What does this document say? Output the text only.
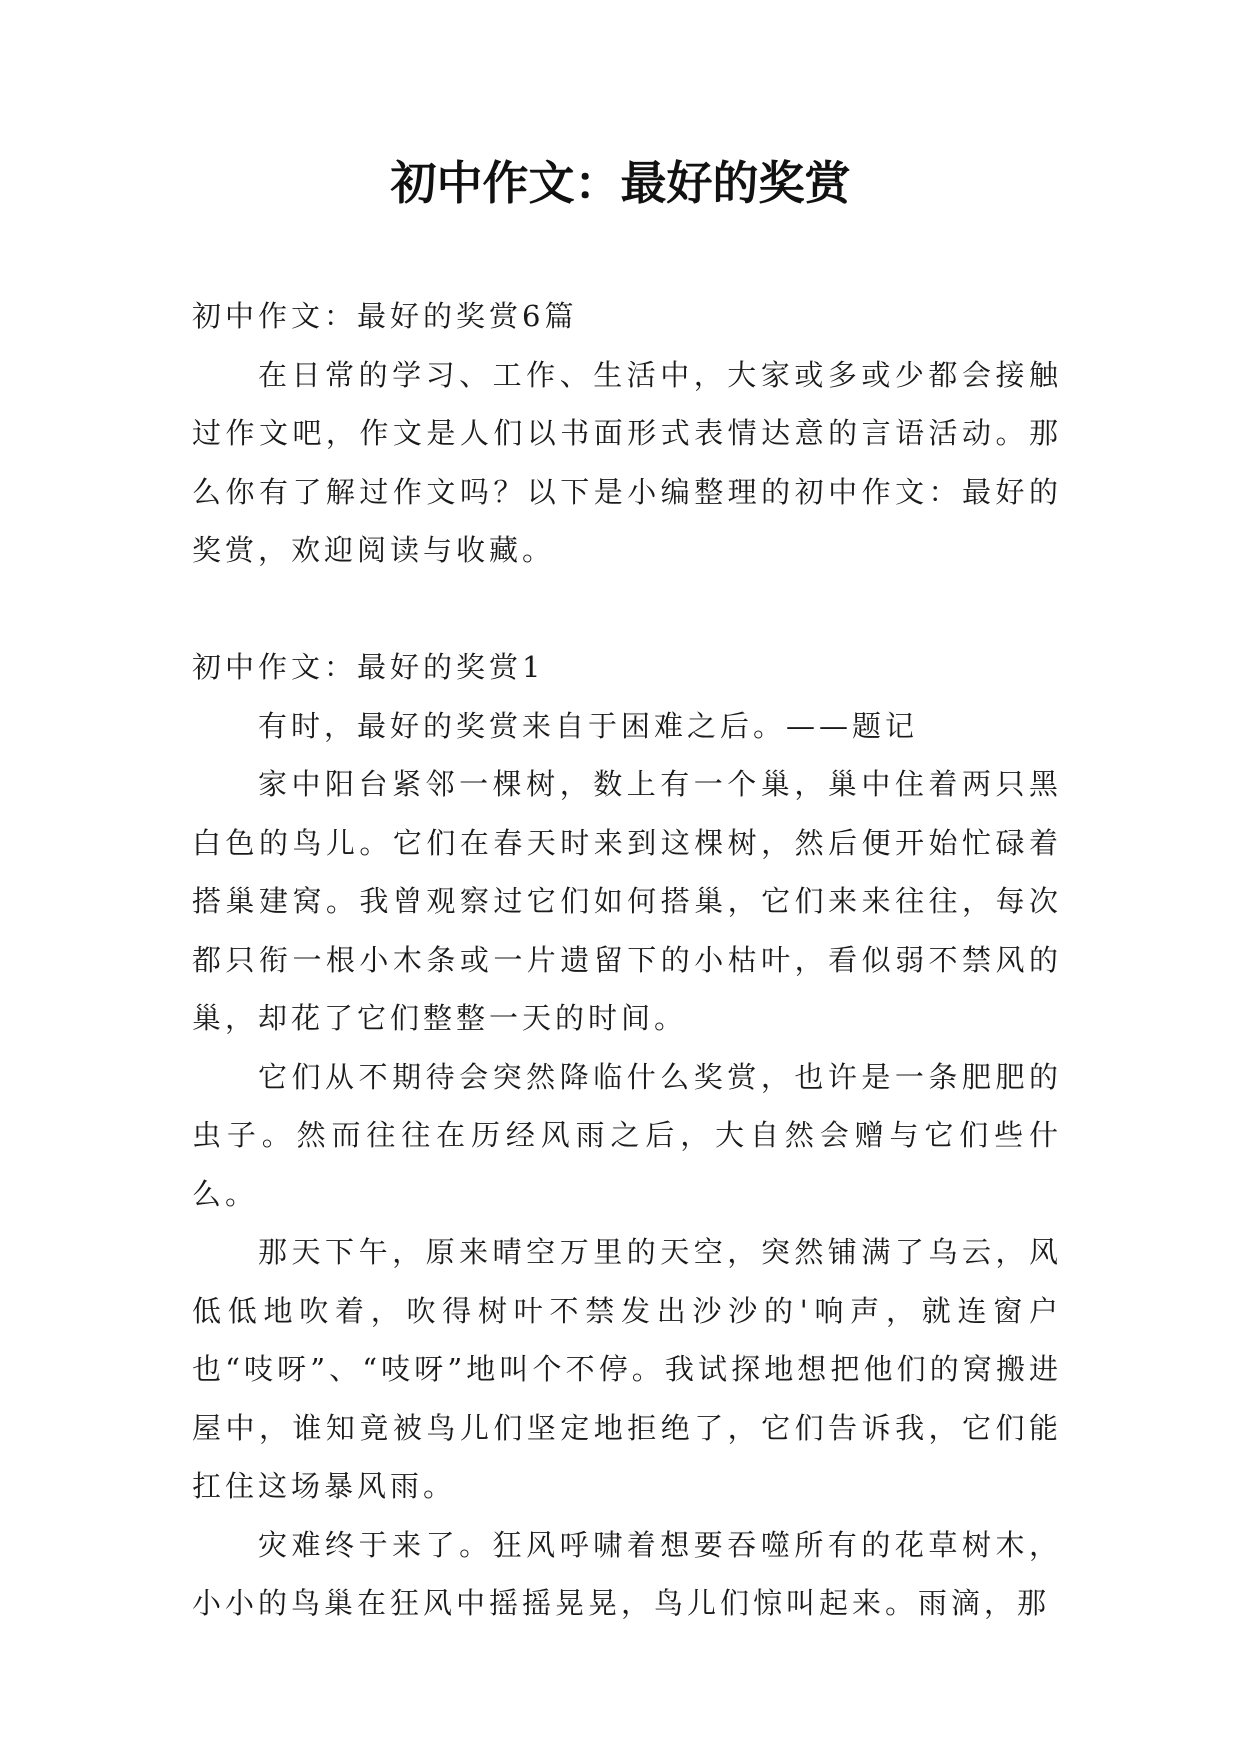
初中作文：最好的奖赏

初中作文：最好的奖赏6篇

在日常的学习、工作、生活中，大家或多或少都会接触过作文吧，作文是人们以书面形式表情达意的言语活动。那么你有了解过作文吗？以下是小编整理的初中作文：最好的奖赏，欢迎阅读与收藏。

初中作文：最好的奖赏1

有时，最好的奖赏来自于困难之后。——题记

家中阳台紧邻一棵树，数上有一个巢，巢中住着两只黑白色的鸟儿。它们在春天时来到这棵树，然后便开始忙碌着搭巢建窝。我曾观察过它们如何搭巢，它们来来往往，每次都只衔一根小木条或一片遗留下的小枯叶，看似弱不禁风的巢，却花了它们整整一天的时间。

它们从不期待会突然降临什么奖赏，也许是一条肥肥的虫子。然而往往在历经风雨之后，大自然会赠与它们些什么。

那天下午，原来晴空万里的天空，突然铺满了乌云，风低低地吹着，吹得树叶不禁发出沙沙的'响声，就连窗户也“吱呀”、“吱呀”地叫个不停。我试探地想把他们的窝搬进屋中，谁知竟被鸟儿们坚定地拒绝了，它们告诉我，它们能扛住这场暴风雨。

灾难终于来了。狂风呼啸着想要吞噬所有的花草树木，小小的鸟巢在狂风中摇摇晃晃，鸟儿们惊叫起来。雨滴，那
